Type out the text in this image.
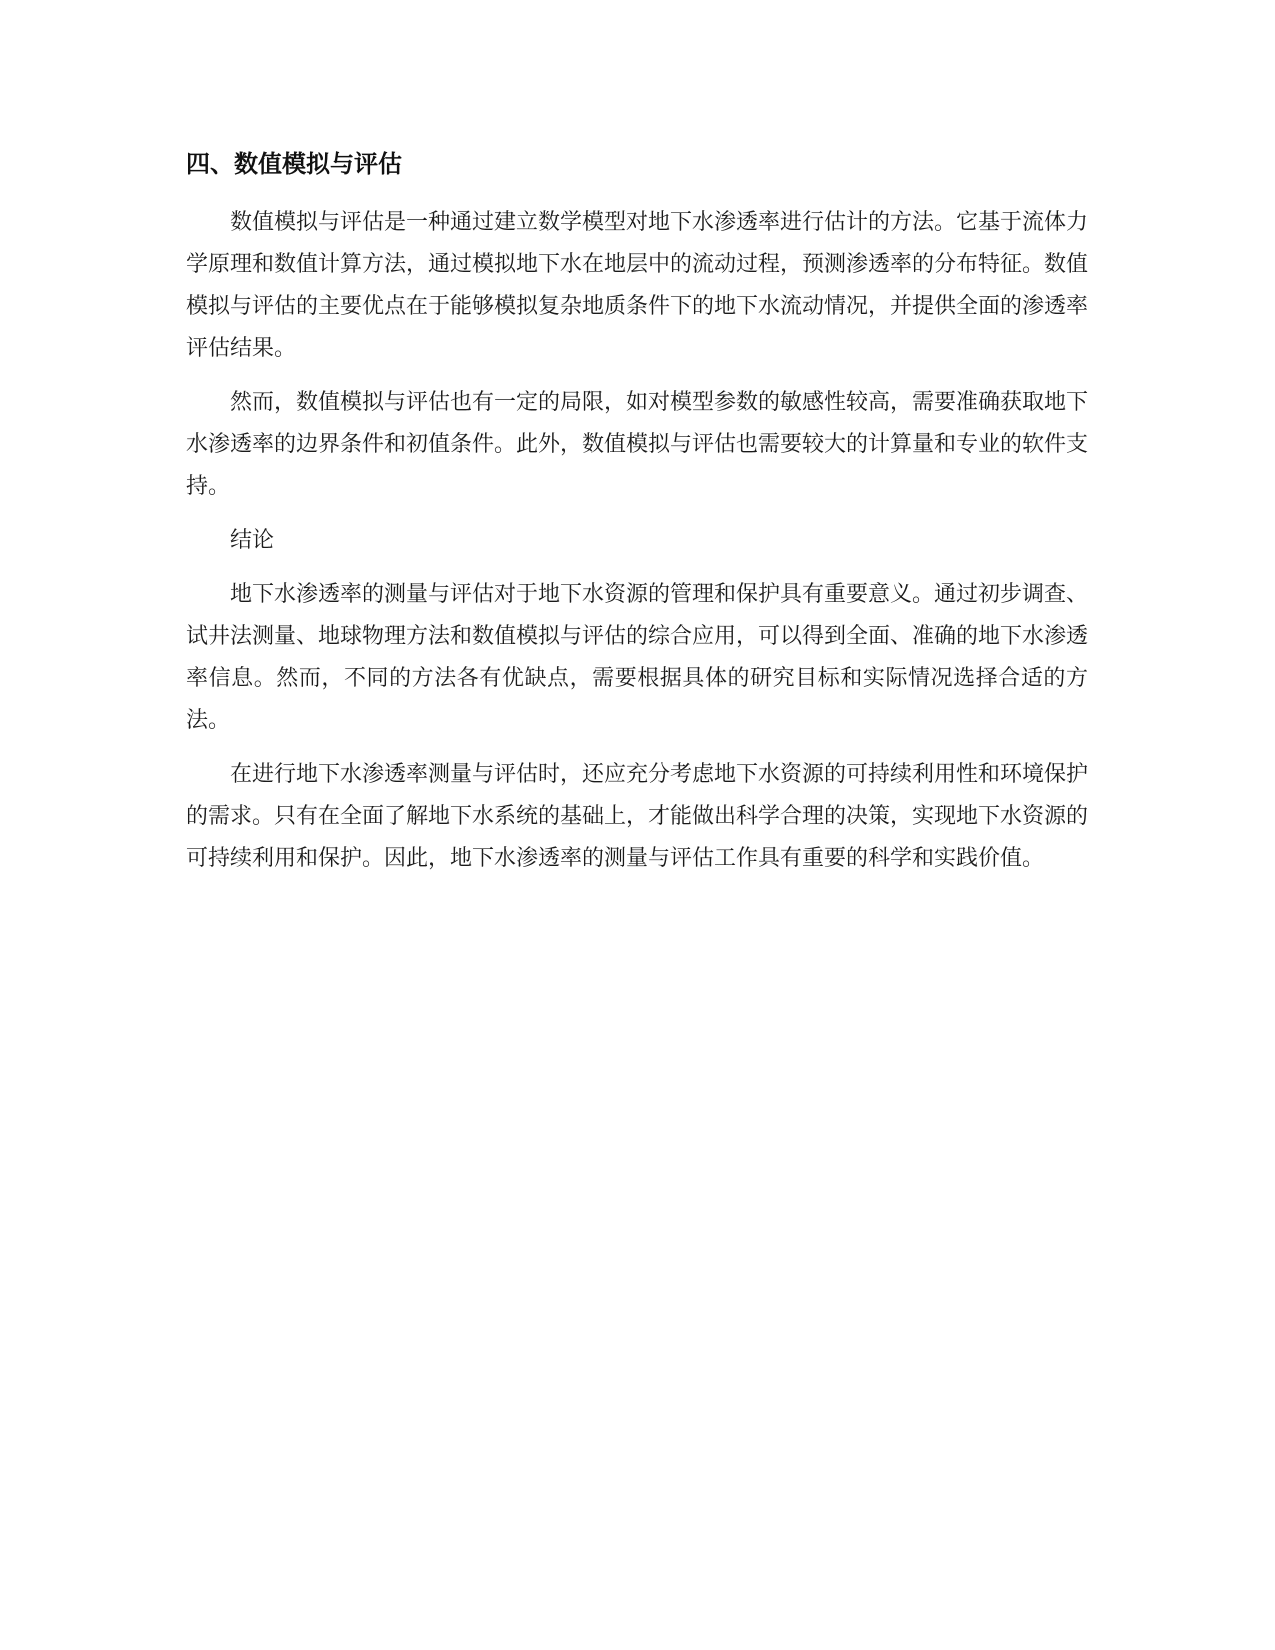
四、数值模拟与评估

数值模拟与评估是一种通过建立数学模型对地下水渗透率进行估计的方法。它基于流体力学原理和数值计算方法，通过模拟地下水在地层中的流动过程，预测渗透率的分布特征。数值模拟与评估的主要优点在于能够模拟复杂地质条件下的地下水流动情况，并提供全面的渗透率评估结果。

然而，数值模拟与评估也有一定的局限，如对模型参数的敏感性较高，需要准确获取地下水渗透率的边界条件和初值条件。此外，数值模拟与评估也需要较大的计算量和专业的软件支持。

结论

地下水渗透率的测量与评估对于地下水资源的管理和保护具有重要意义。通过初步调查、试井法测量、地球物理方法和数值模拟与评估的综合应用，可以得到全面、准确的地下水渗透率信息。然而，不同的方法各有优缺点，需要根据具体的研究目标和实际情况选择合适的方法。

在进行地下水渗透率测量与评估时，还应充分考虑地下水资源的可持续利用性和环境保护的需求。只有在全面了解地下水系统的基础上，才能做出科学合理的决策，实现地下水资源的可持续利用和保护。因此，地下水渗透率的测量与评估工作具有重要的科学和实践价值。
